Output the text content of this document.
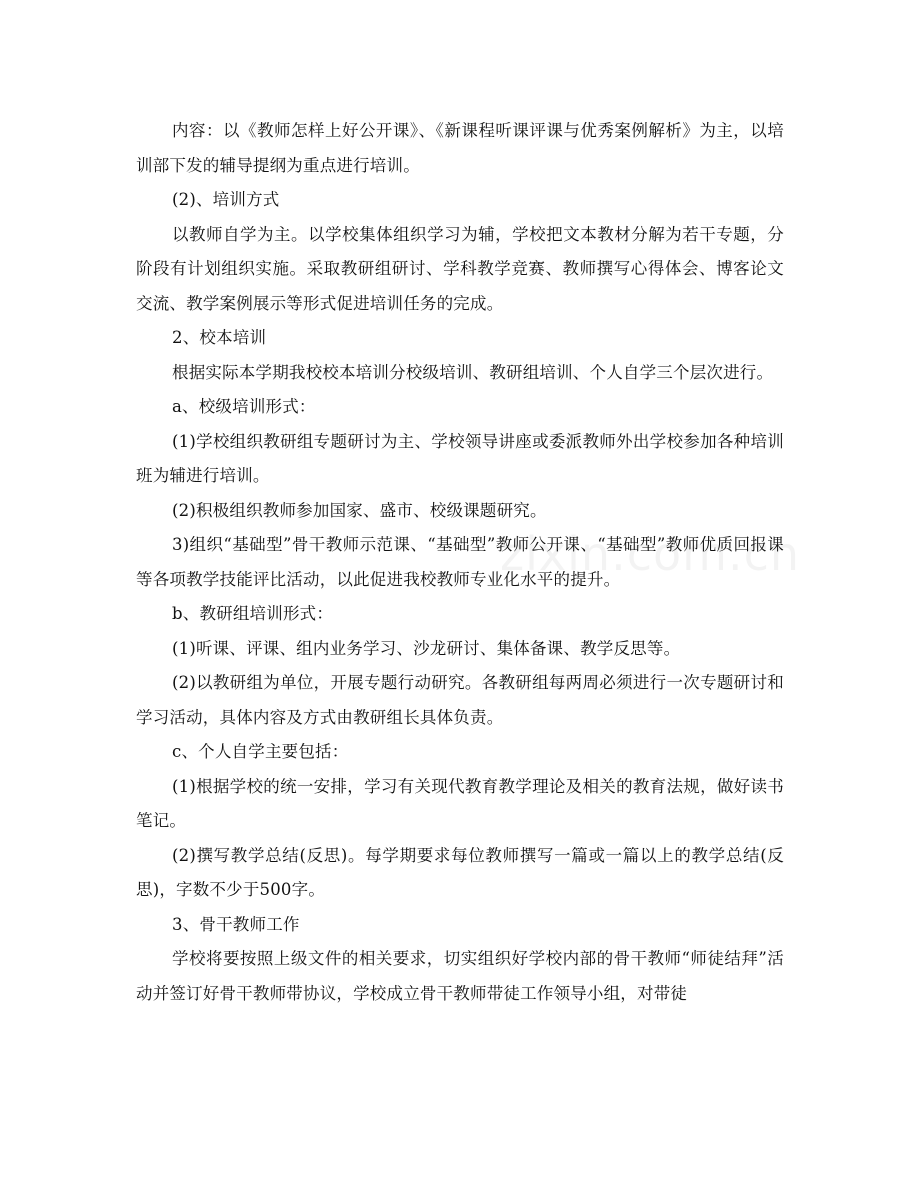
内容：以《教师怎样上好公开课》、《新课程听课评课与优秀案例解析》为主，以培训部下发的辅导提纲为重点进行培训。

(2)、培训方式

以教师自学为主。以学校集体组织学习为辅，学校把文本教材分解为若干专题，分阶段有计划组织实施。采取教研组研讨、学科教学竞赛、教师撰写心得体会、博客论文交流、教学案例展示等形式促进培训任务的完成。

2、校本培训

根据实际本学期我校校本培训分校级培训、教研组培训、个人自学三个层次进行。

a、校级培训形式：

(1)学校组织教研组专题研讨为主、学校领导讲座或委派教师外出学校参加各种培训班为辅进行培训。

(2)积极组织教师参加国家、盛市、校级课题研究。

3)组织“基础型”骨干教师示范课、“基础型”教师公开课、“基础型”教师优质回报课等各项教学技能评比活动，以此促进我校教师专业化水平的提升。

b、教研组培训形式：

(1)听课、评课、组内业务学习、沙龙研讨、集体备课、教学反思等。

(2)以教研组为单位，开展专题行动研究。各教研组每两周必须进行一次专题研讨和学习活动，具体内容及方式由教研组长具体负责。

c、个人自学主要包括：

(1)根据学校的统一安排，学习有关现代教育教学理论及相关的教育法规，做好读书笔记。

(2)撰写教学总结(反思)。每学期要求每位教师撰写一篇或一篇以上的教学总结(反思)，字数不少于500字。

3、骨干教师工作

学校将要按照上级文件的相关要求，切实组织好学校内部的骨干教师“师徒结拜”活动并签订好骨干教师带协议，学校成立骨干教师带徒工作领导小组，对带徒
